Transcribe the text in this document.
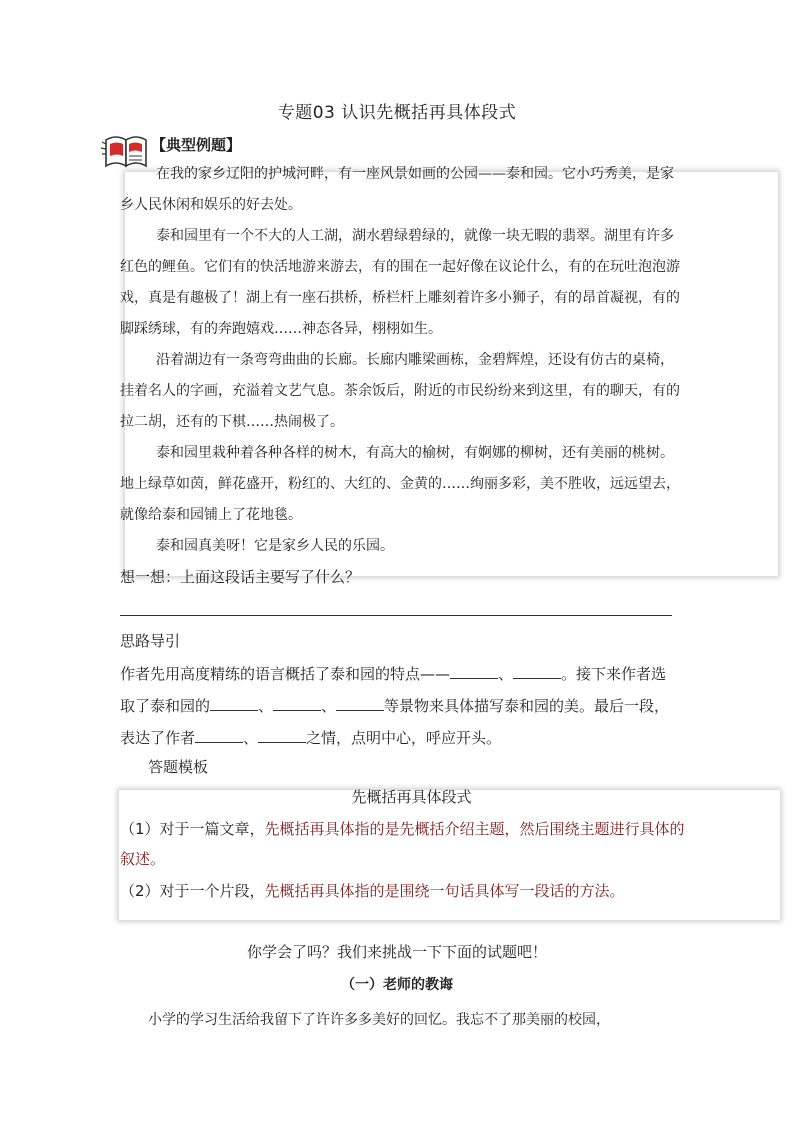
专题03 认识先概括再具体段式
【典型例题】

在我的家乡辽阳的护城河畔，有一座风景如画的公园——泰和园。它小巧秀美，是家乡人民休闲和娱乐的好去处。

泰和园里有一个不大的人工湖，湖水碧绿碧绿的，就像一块无暇的翡翠。湖里有许多红色的鲤鱼。它们有的快活地游来游去，有的围在一起好像在议论什么，有的在玩吐泡泡游戏，真是有趣极了！湖上有一座石拱桥，桥栏杆上雕刻着许多小狮子，有的昂首凝视，有的脚踩绣球，有的奔跑嬉戏……神态各异，栩栩如生。

沿着湖边有一条弯弯曲曲的长廊。长廊内雕梁画栋，金碧辉煌，还设有仿古的桌椅，挂着名人的字画，充溢着文艺气息。茶余饭后，附近的市民纷纷来到这里，有的聊天，有的拉二胡，还有的下棋……热闹极了。

泰和园里栽种着各种各样的树木，有高大的榆树，有婀娜的柳树，还有美丽的桃树。地上绿草如茵，鲜花盛开，粉红的、大红的、金黄的……绚丽多彩，美不胜收，远远望去，就像给泰和园铺上了花地毯。

泰和园真美呀！它是家乡人民的乐园。

想一想：上面这段话主要写了什么？
思路导引
作者先用高度精练的语言概括了泰和园的特点——	、	。接下来作者选取了泰和园的	、	、	等景物来具体描写泰和园的美。最后一段，表达了作者	、	之情，点明中心，呼应开头。
答题模板
先概括再具体段式
（1）对于一篇文章，先概括再具体指的是先概括介绍主题，然后围绕主题进行具体的叙述。
（2）对于一个片段，先概括再具体指的是围绕一句话具体写一段话的方法。
你学会了吗？我们来挑战一下下面的试题吧！
（一）老师的教诲
小学的学习生活给我留下了许许多多美好的回忆。我忘不了那美丽的校园，
